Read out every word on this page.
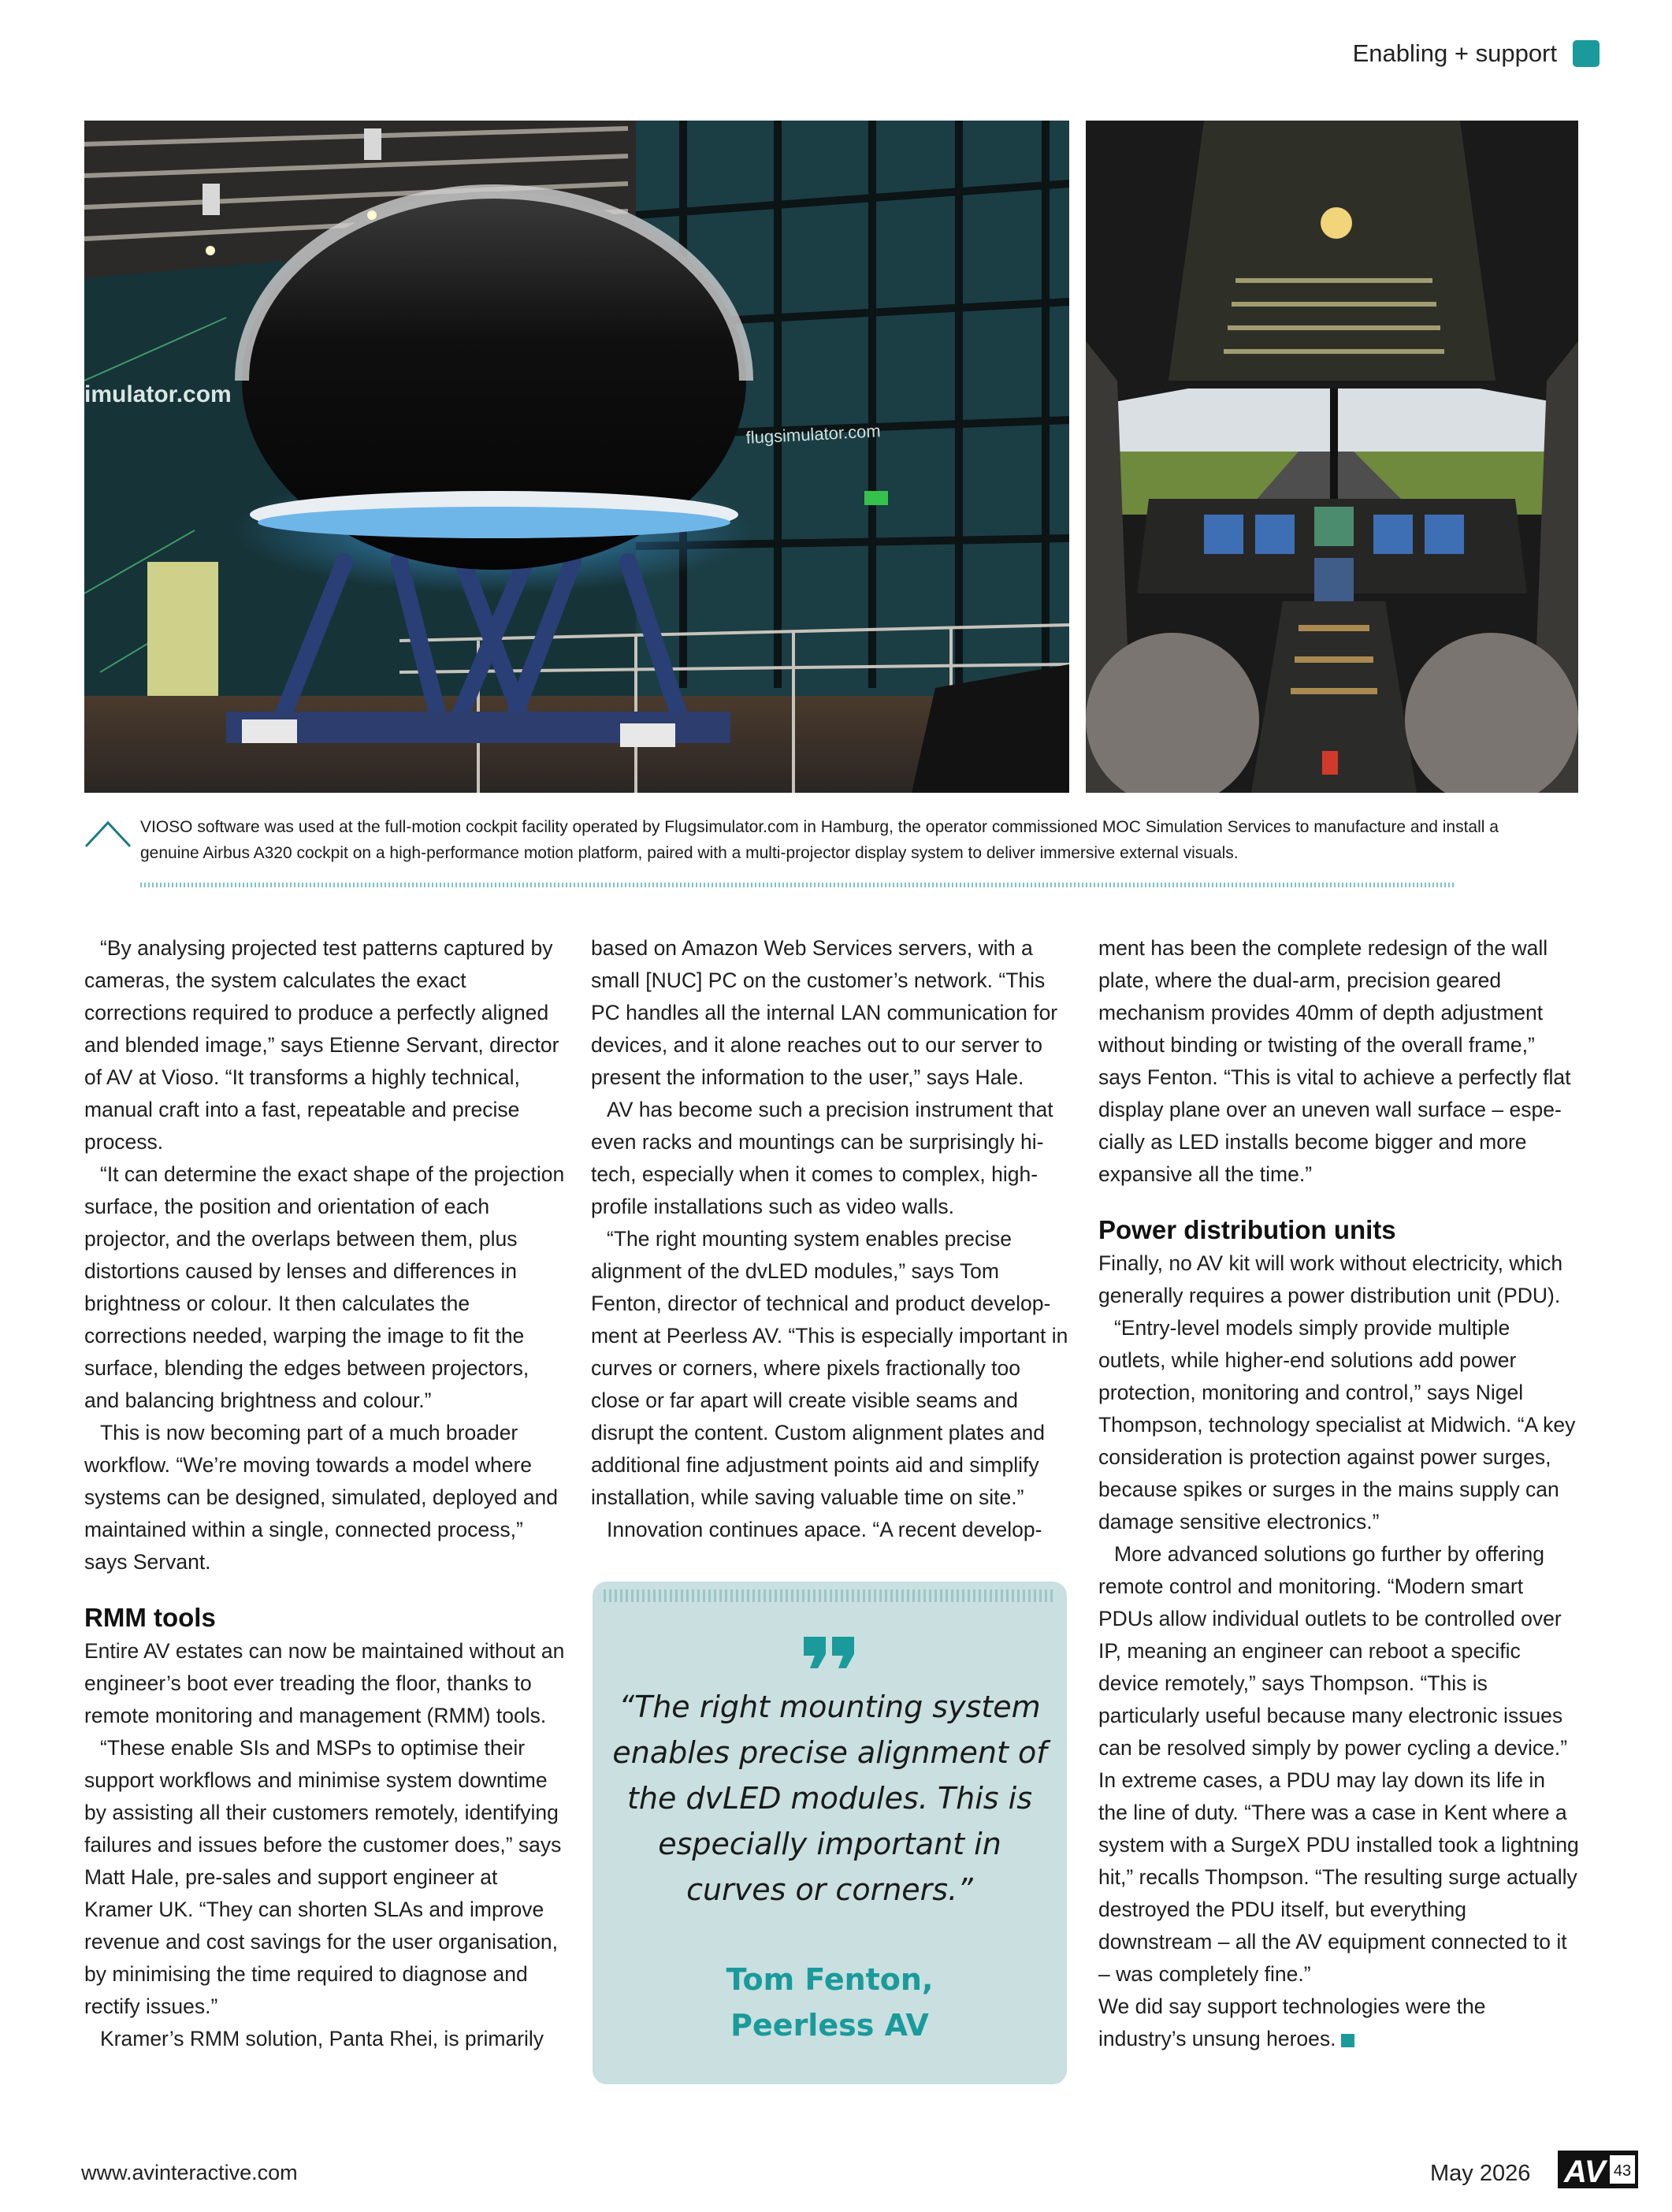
Enabling + support
imulator.com
flugsimulator.com
VIOSO software was used at the full-motion cockpit facility operated by Flugsimulator.com in Hamburg, the operator commissioned MOC Simulation Services to manufacture and install a genuine Airbus A320 cockpit on a high-performance motion platform, paired with a multi-projector display system to deliver immersive external visuals.

“By analysing projected test patterns captured by cameras, the system calculates the exact corrections required to produce a perfectly aligned and blended image,” says Etienne Servant, director of AV at Vioso. “It transforms a highly technical, manual craft into a fast, repeatable and precise process.

“It can determine the exact shape of the projection surface, the position and orientation of each projector, and the overlaps between them, plus distortions caused by lenses and differences in brightness or colour. It then calculates the corrections needed, warping the image to fit the surface, blending the edges between projectors, and balancing brightness and colour.”

This is now becoming part of a much broader workflow. “We’re moving towards a model where systems can be designed, simulated, deployed and maintained within a single, connected process,” says Servant.

RMM tools

Entire AV estates can now be maintained without an engineer’s boot ever treading the floor, thanks to remote monitoring and management (RMM) tools.

“These enable SIs and MSPs to optimise their support workflows and minimise system downtime by assisting all their customers remotely, identifying failures and issues before the customer does,” says Matt Hale, pre-sales and support engineer at Kramer UK. “They can shorten SLAs and improve revenue and cost savings for the user organisation, by minimising the time required to diagnose and rectify issues.”

Kramer’s RMM solution, Panta Rhei, is primarily

based on Amazon Web Services servers, with a small [NUC] PC on the customer’s network. “This PC handles all the internal LAN communication for devices, and it alone reaches out to our server to present the information to the user,” says Hale.

AV has become such a precision instrument that even racks and mountings can be surprisingly hi-tech, especially when it comes to complex, high-profile installations such as video walls.

“The right mounting system enables precise alignment of the dvLED modules,” says Tom Fenton, director of technical and product develop-ment at Peerless AV. “This is especially important in curves or corners, where pixels fractionally too close or far apart will create visible seams and disrupt the content. Custom alignment plates and additional fine adjustment points aid and simplify installation, while saving valuable time on site.”

Innovation continues apace. “A recent develop-

“The right mounting system enables precise alignment of the dvLED modules. This is especially important in curves or corners.”
Tom Fenton,
Peerless AV

ment has been the complete redesign of the wall plate, where the dual-arm, precision geared mechanism provides 40mm of depth adjustment without binding or twisting of the overall frame,” says Fenton. “This is vital to achieve a perfectly flat display plane over an uneven wall surface – espe-cially as LED installs become bigger and more expansive all the time.”

Power distribution units

Finally, no AV kit will work without electricity, which generally requires a power distribution unit (PDU).

“Entry-level models simply provide multiple outlets, while higher-end solutions add power protection, monitoring and control,” says Nigel Thompson, technology specialist at Midwich. “A key consideration is protection against power surges, because spikes or surges in the mains supply can damage sensitive electronics.”

More advanced solutions go further by offering remote control and monitoring. “Modern smart PDUs allow individual outlets to be controlled over IP, meaning an engineer can reboot a specific device remotely,” says Thompson. “This is particularly useful because many electronic issues can be resolved simply by power cycling a device.” In extreme cases, a PDU may lay down its life in the line of duty. “There was a case in Kent where a system with a SurgeX PDU installed took a lightning hit,” recalls Thompson. “The resulting surge actually destroyed the PDU itself, but everything downstream – all the AV equipment connected to it – was completely fine.”

We did say support technologies were the industry’s unsung heroes.

www.avinteractive.com	May 2026 AV 43
